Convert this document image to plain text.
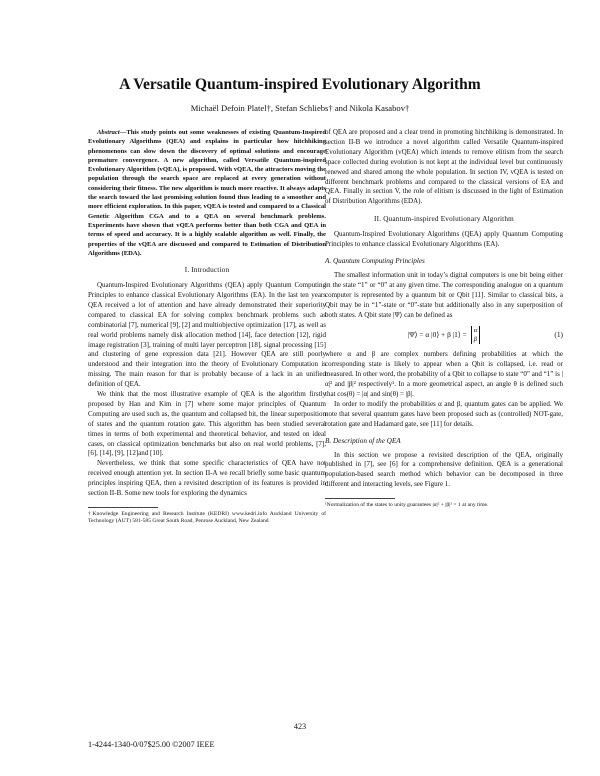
A Versatile Quantum-inspired Evolutionary Algorithm
Michaël Defoin Platel†, Stefan Schliebs† and Nikola Kasabov†

Abstract—This study points out some weaknesses of existing Quantum-Inspired Evolutionary Algorithms (QEA) and explains in particular how hitchhiking phenomenons can slow down the discovery of optimal solutions and encourage premature convergence. A new algorithm, called Versatile Quantum-inspired Evolutionary Algorithm (vQEA), is proposed. With vQEA, the attractors moving the population through the search space are replaced at every generation without considering their fitness. The new algorithm is much more reactive. It always adapts the search toward the last promising solution found thus leading to a smoother and more efficient exploration. In this paper, vQEA is tested and compared to a Classical Genetic Algorithm CGA and to a QEA on several benchmark problems. Experiments have shown that vQEA performs better than both CGA and QEA in terms of speed and accuracy. It is a highly scalable algorithm as well. Finally, the properties of the vQEA are discussed and compared to Estimation of Distribution Algorithms (EDA).

I. Introduction

Quantum-Inspired Evolutionary Algorithms (QEA) apply Quantum Computing Principles to enhance classical Evolutionary Algorithms (EA). In the last ten years QEA received a lot of attention and have already demonstrated their superiority compared to classical EA for solving complex benchmark problems such as combinatorial [7], numerical [9], [2] and multiobjective optimization [17], as well as real world problems namely disk allocation method [14], face detection [12], rigid image registration [3], training of multi layer perceptron [18], signal processing [15] and clustering of gene expression data [21]. However QEA are still poorly understood and their integration into the theory of Evolutionary Computation is missing. The main reason for that is probably because of a lack in an unified definition of QEA.

We think that the most illustrative example of QEA is the algorithm firstly proposed by Han and Kim in [7] where some major principles of Quantum Computing are used such as, the quantum and collapsed bit, the linear superposition of states and the quantum rotation gate. This algorithm has been studied several times in terms of both experimental and theoretical behavior, and tested on ideal cases, on classical optimization benchmarks but also on real world problems, [7], [6], [14], [9], [12]and [10].

Nevertheless, we think that some specific characteristics of QEA have not received enough attention yet. In section II-A we recall briefly some basic quantum principles inspiring QEA, then a revisited description of its features is provided in section II-B. Some new tools for exploring the dynamics

†Knowledge Engineering and Research Institute (KEDRI) www.kedri.info Auckland University of Technology (AUT) 581-585 Great South Road, Penrose Auckland, New Zealand

of QEA are proposed and a clear trend in promoting hitchhiking is demonstrated. In section II-B we introduce a novel algorithm called Versatile Quantum-inspired Evolutionary Algorithm (vQEA) which intends to remove elitism from the search space collected during evolution is not kept at the individual level but continuously renewed and shared among the whole population. In section IV, vQEA is tested on different benchmark problems and compared to the classical versions of EA and QEA. Finally in section V, the role of elitism is discussed in the light of Estimation of Distribution Algorithms (EDA).

II. Quantum-inspired Evolutionary Algorithm

Quantum-Inspired Evolutionary Algorithms (QEA) apply Quantum Computing Principles to enhance classical Evolutionary Algorithms (EA).

A. Quantum Computing Principles

The smallest information unit in today’s digital computers is one bit being either in the state “1” or “0” at any given time. The corresponding analogue on a quantum computer is represented by a quantum bit or Qbit [11]. Similar to classical bits, a Qbit may be in “1”-state or “0”-state but additionally also in any superposition of both states. A Qbit state |Ψ⟩ can be defined as

|Ψ⟩ = α |0⟩ + β |1⟩ = α
β
(1)

where α and β are complex numbers defining probabilities at which the corresponding state is likely to appear when a Qbit is collapsed, i.e. read or measured. In other word, the probability of a Qbit to collapse to state “0” and “1” is |α|² and |β|² respectively¹. In a more geometrical aspect, an angle θ is defined such that cos(θ) = |α| and sin(θ) = |β|.

In order to modify the probabilities α and β, quantum gates can be applied. We note that several quantum gates have been proposed such as (controlled) NOT-gate, rotation gate and Hadamard gate, see [11] for details.

B. Description of the QEA

In this section we propose a revisited description of the QEA, originally published in [7], see [6] for a comprehensive definition. QEA is a generational population-based search method which behavior can be decomposed in three different and interacting levels, see Figure 1.

¹Normalization of the states to unity guarantees |α|² + |β|² = 1 at any time.
423
1-4244-1340-0/07$25.00 ©2007 IEEE
